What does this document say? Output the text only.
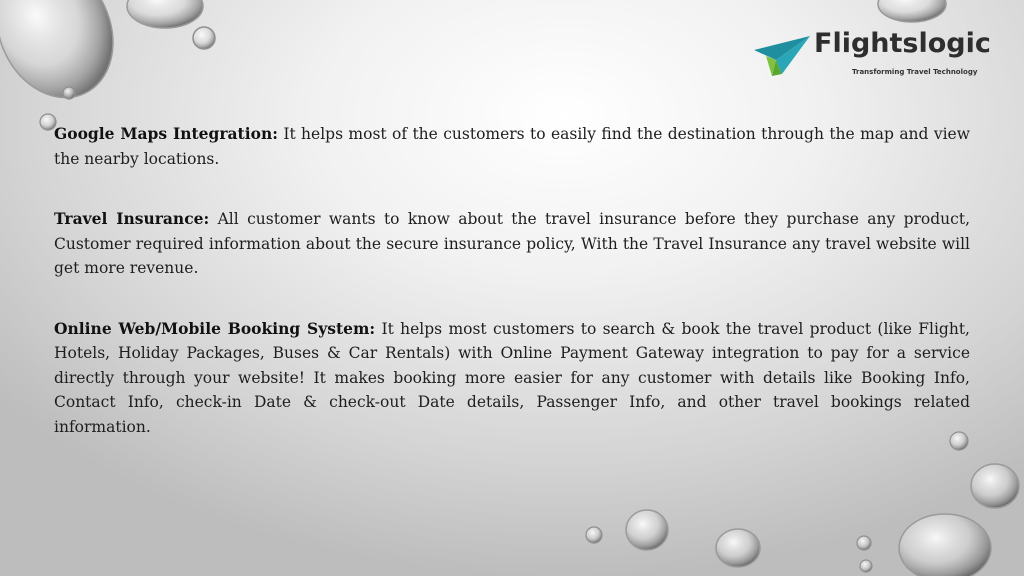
Flightslogic
Transforming Travel Technology

Google Maps Integration: It helps most of the customers to easily find the destination through the map and view the nearby locations.

Travel Insurance: All customer wants to know about the travel insurance before they purchase any product, Customer required information about the secure insurance policy, With the Travel Insurance any travel website will get more revenue.

Online Web/Mobile Booking System: It helps most customers to search & book the travel product (like Flight, Hotels, Holiday Packages, Buses & Car Rentals) with Online Payment Gateway integration to pay for a service directly through your website! It makes booking more easier for any customer with details like Booking Info, Contact Info, check-in Date & check-out Date details, Passenger Info, and other travel bookings related information.
